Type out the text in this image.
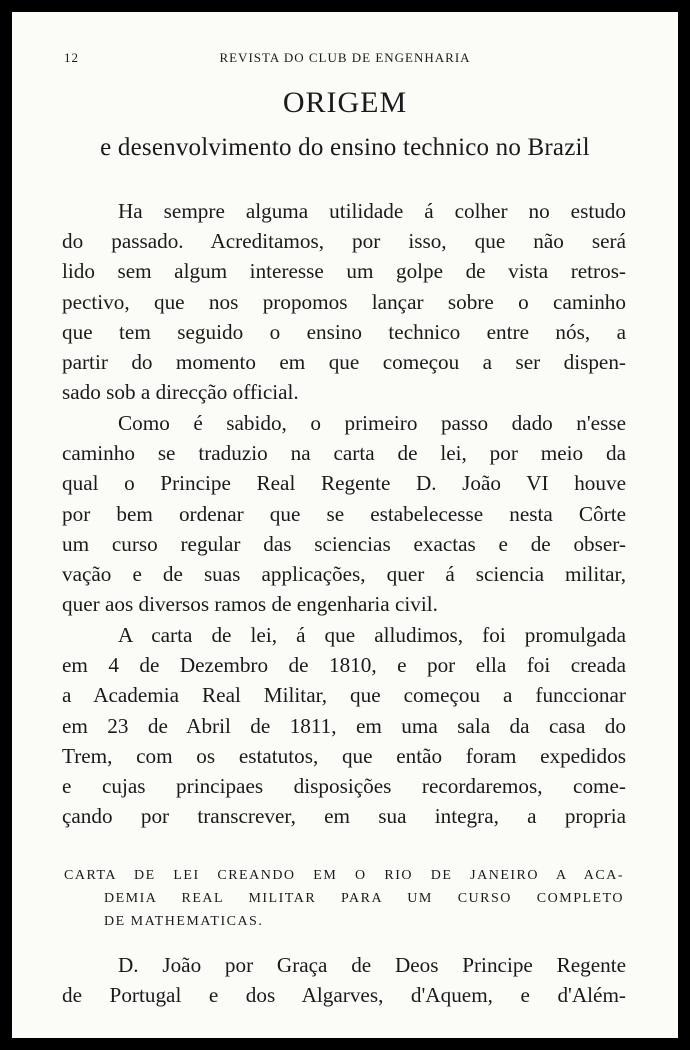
12	REVISTA DO CLUB DE ENGENHARIA
ORIGEM
e desenvolvimento do ensino technico no Brazil
Ha sempre alguma utilidade á colher no estudo
do passado. Acreditamos, por isso, que não será
lido sem algum interesse um golpe de vista retros-
pectivo, que nos propomos lançar sobre o caminho
que tem seguido o ensino technico entre nós, a
partir do momento em que começou a ser dispen-
sado sob a direcção official.
Como é sabido, o primeiro passo dado n'esse
caminho se traduzio na carta de lei, por meio da
qual o Principe Real Regente D. João VI houve
por bem ordenar que se estabelecesse nesta Côrte
um curso regular das sciencias exactas e de obser-
vação e de suas applicações, quer á sciencia militar,
quer aos diversos ramos de engenharia civil.
A carta de lei, á que alludimos, foi promulgada
em 4 de Dezembro de 1810, e por ella foi creada
a Academia Real Militar, que começou a funccionar
em 23 de Abril de 1811, em uma sala da casa do
Trem, com os estatutos, que então foram expedidos
e cujas principaes disposições recordaremos, come-
çando por transcrever, em sua integra, a propria
CARTA DE LEI CREANDO EM O RIO DE JANEIRO A ACA-
DEMIA REAL MILITAR PARA UM CURSO COMPLETO
DE MATHEMATICAS.
D. João por Graça de Deos Principe Regente
de Portugal e dos Algarves, d'Aquem, e d'Além-
